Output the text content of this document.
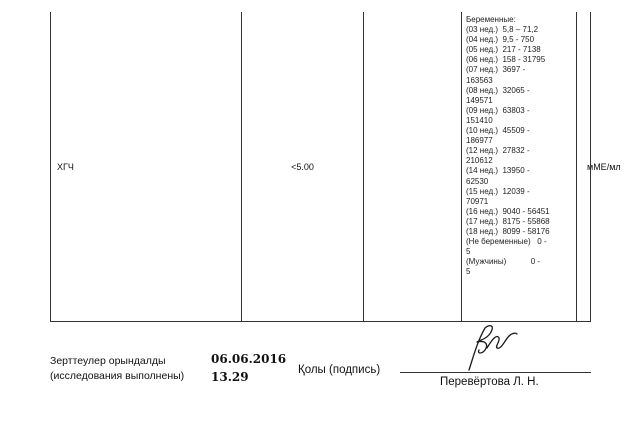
ХГЧ	<5.00
Беременные:
(03 нед.)  5,8 – 71,2
(04 нед.)  9,5 - 750
(05 нед.)  217 - 7138
(06 нед.)  158 - 31795
(07 нед.)  3697 -
163563
(08 нед.)  32065 -
149571
(09 нед.)  63803 -
151410
(10 нед.)  45509 -
186977
(12 нед.)  27832 -
210612
(14 нед.)  13950 -
62530
(15 нед.)  12039 -
70971
(16 нед.)  9040 - 56451
(17 нед.)  8175 - 55868
(18 нед.)  8099 - 58176
(Не беременные)   0 -
5
(Мужчины)           0 -
5
мМЕ/мл
Зерттеулер орындалды
(исследования выполнены)
06.06.2016
13.29	Қолы (подпись)
Перевёртова Л. Н.
